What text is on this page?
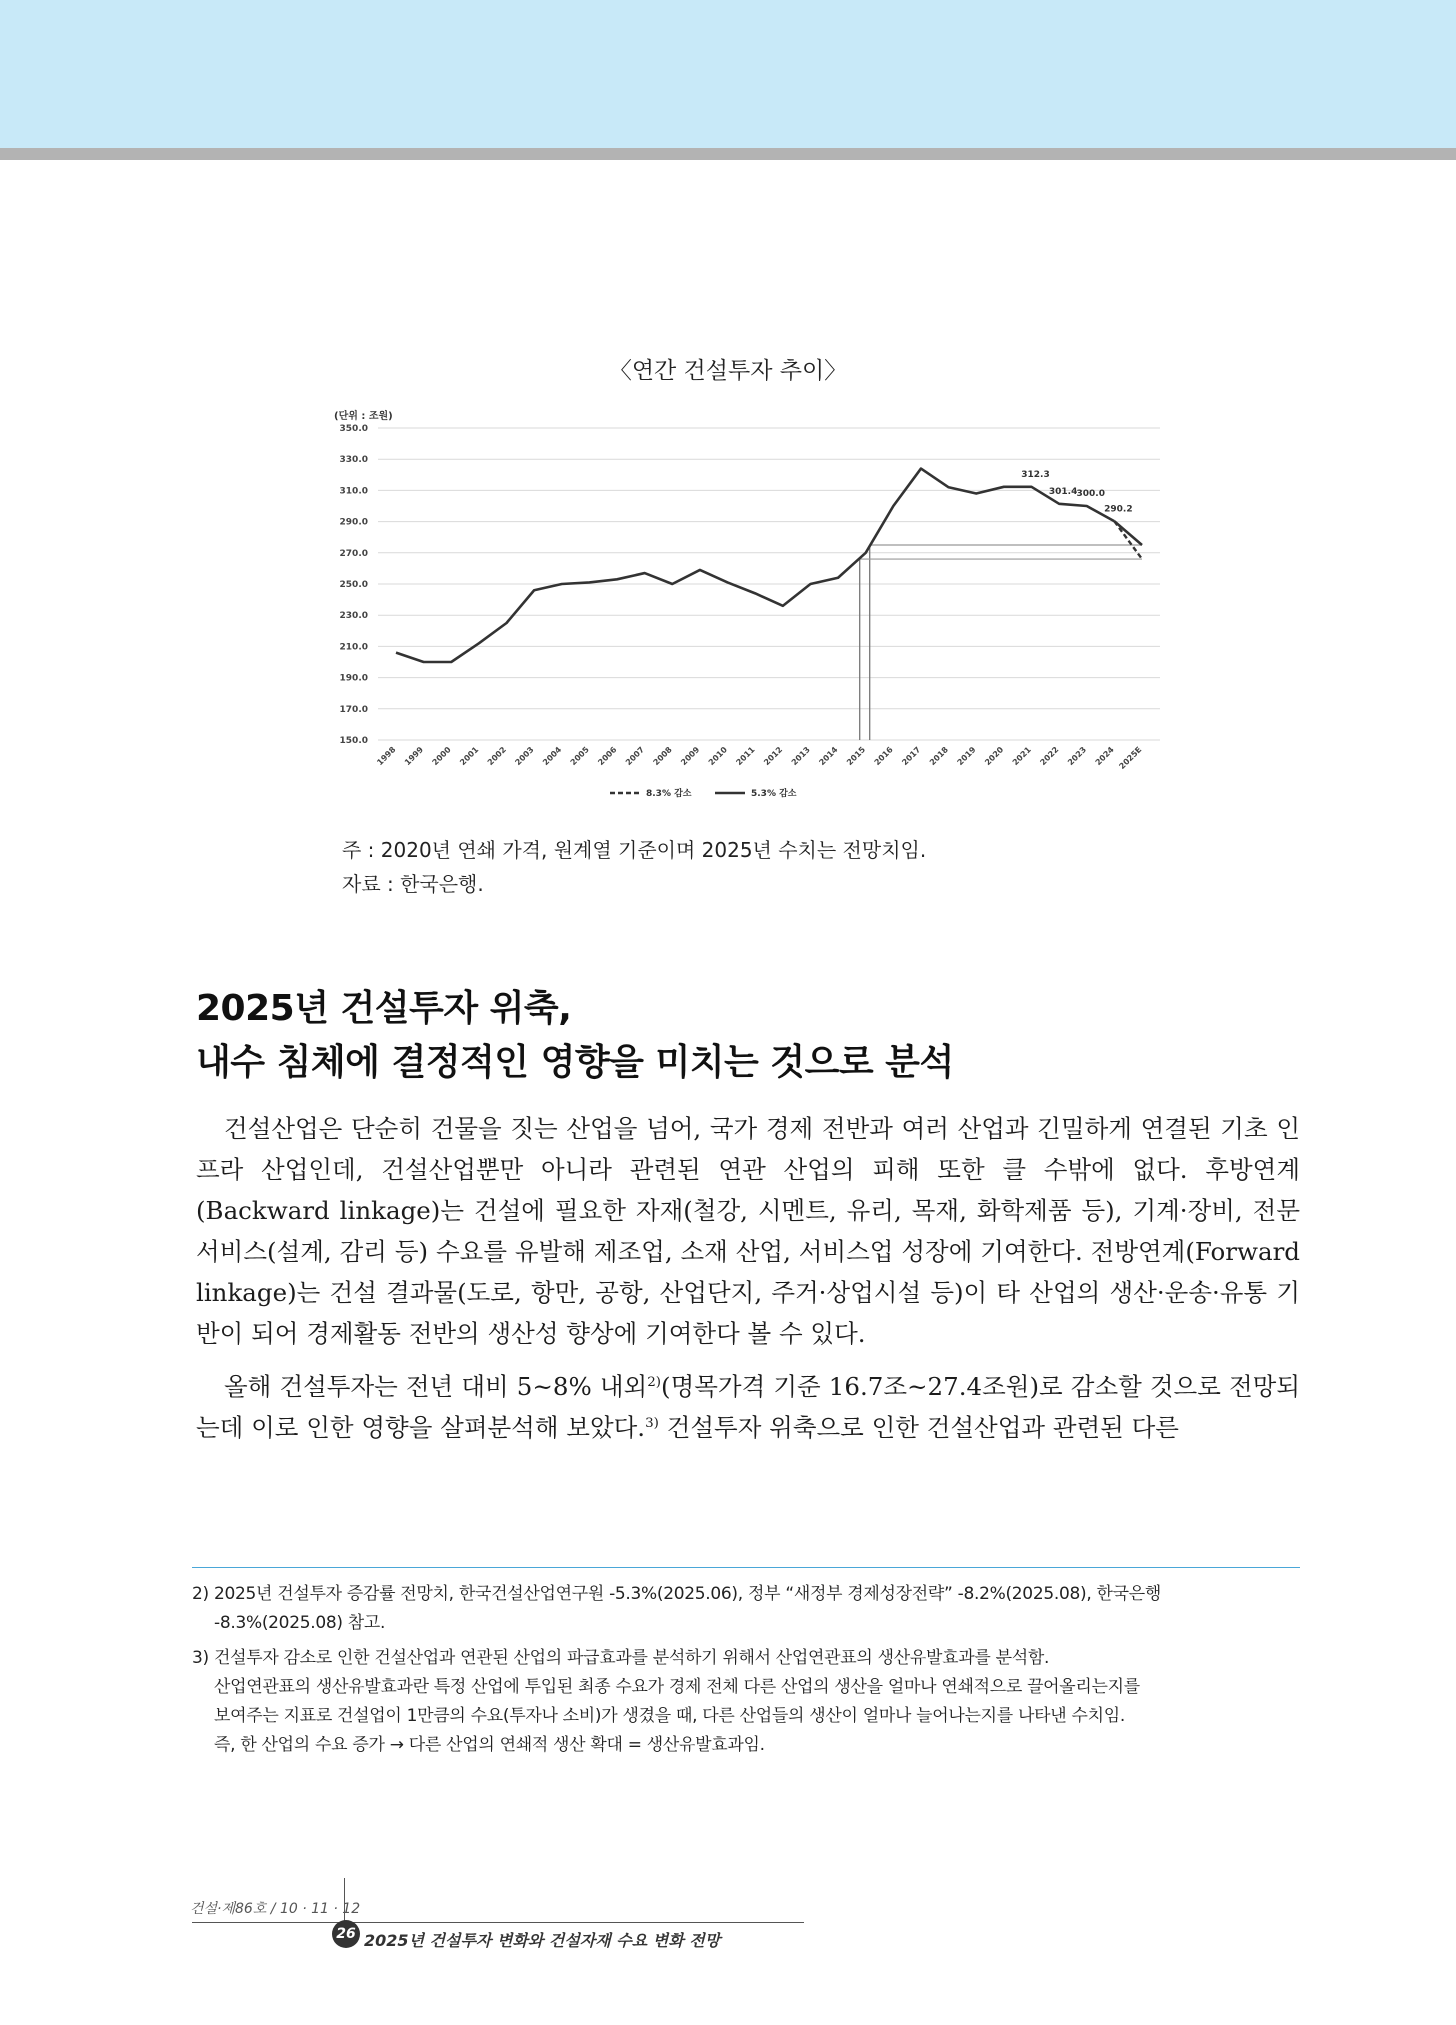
〈연간 건설투자 추이〉
(단위 : 조원)
150.0
170.0
190.0
210.0
230.0
250.0
270.0
290.0
310.0
330.0
350.0
1998 1999 2000 2001 2002 2003 2004 2005 2006 2007 2008 2009 2010 2011 2012 2013 2014 2015 2016 2017 2018 2019 2020 2021 2022 2023 2024 2025E
312.3
301.4 300.0
290.2
8.3% 감소	5.3% 감소
주 : 2020년 연쇄 가격, 원계열 기준이며 2025년 수치는 전망치임.
자료 : 한국은행.
2025년 건설투자 위축,
내수 침체에 결정적인 영향을 미치는 것으로 분석

건설산업은 단순히 건물을 짓는 산업을 넘어, 국가 경제 전반과 여러 산업과 긴밀하게 연결된 기초 인프라 산업인데, 건설산업뿐만 아니라 관련된 연관 산업의 피해 또한 클 수밖에 없다. 후방연계(Backward linkage)는 건설에 필요한 자재(철강, 시멘트, 유리, 목재, 화학제품 등), 기계·장비, 전문 서비스(설계, 감리 등) 수요를 유발해 제조업, 소재 산업, 서비스업 성장에 기여한다. 전방연계(Forward linkage)는 건설 결과물(도로, 항만, 공항, 산업단지, 주거·상업시설 등)이 타 산업의 생산·운송·유통 기반이 되어 경제활동 전반의 생산성 향상에 기여한다 볼 수 있다.

올해 건설투자는 전년 대비 5~8% 내외$^{2)}$(명목가격 기준 16.7조~27.4조원)로 감소할 것으로 전망되는데 이로 인한 영향을 살펴분석해 보았다.$^{3)}$ 건설투자 위축으로 인한 건설산업과 관련된 다른

2) 2025년 건설투자 증감률 전망치, 한국건설산업연구원 -5.3%(2025.06), 정부 “새정부 경제성장전략” -8.2%(2025.08), 한국은행
-8.3%(2025.08) 참고.
3) 건설투자 감소로 인한 건설산업과 연관된 산업의 파급효과를 분석하기 위해서 산업연관표의 생산유발효과를 분석함.
산업연관표의 생산유발효과란 특정 산업에 투입된 최종 수요가 경제 전체 다른 산업의 생산을 얼마나 연쇄적으로 끌어올리는지를
보여주는 지표로 건설업이 1만큼의 수요(투자나 소비)가 생겼을 때, 다른 산업들의 생산이 얼마나 늘어나는지를 나타낸 수치임.
즉, 한 산업의 수요 증가 → 다른 산업의 연쇄적 생산 확대 = 생산유발효과임.
건설·제86호 / 10 · 11 · 12
26 2025년 건설투자 변화와 건설자재 수요 변화 전망
